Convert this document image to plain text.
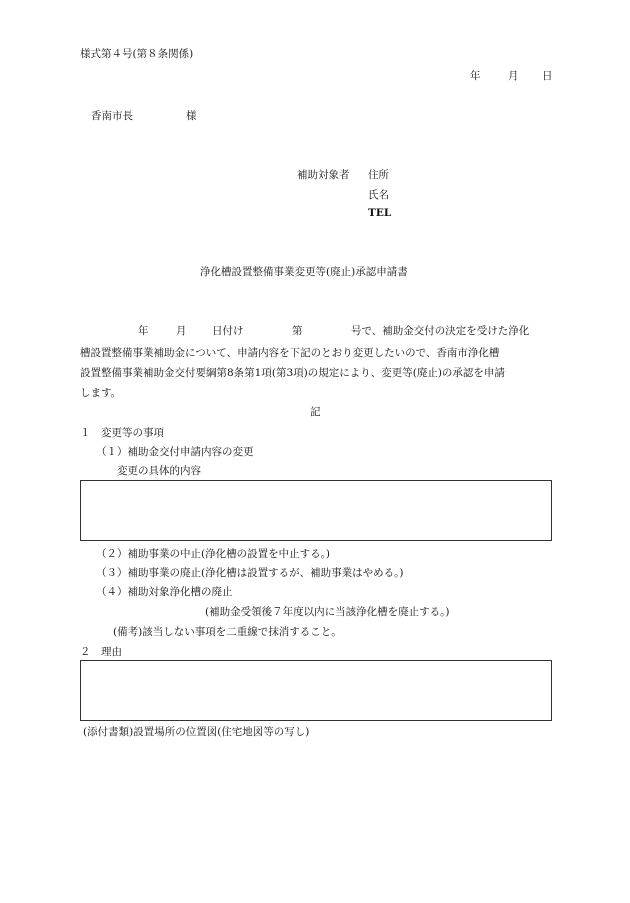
様式第４号(第８条関係)
年	月 日
香南市長	様
補助対象者 住所
氏名
TEL
浄化槽設置整備事業変更等(廃止)承認申請書
年	月 日付け	第	号で、補助金交付の決定を受けた浄化
槽設置整備事業補助金について、申請内容を下記のとおり変更したいので、香南市浄化槽
設置整備事業補助金交付要綱第8条第1項(第3項)の規定により、変更等(廃止)の承認を申請
します。
記
１　変更等の事項
（１）補助金交付申請内容の変更
変更の具体的内容
（２）補助事業の中止(浄化槽の設置を中止する。)
（３）補助事業の廃止(浄化槽は設置するが、補助事業はやめる。)
（４）補助対象浄化槽の廃止
(補助金受領後７年度以内に当該浄化槽を廃止する。)
(備考)該当しない事項を二重線で抹消すること。
２　理由
(添付書類)設置場所の位置図(住宅地図等の写し)
